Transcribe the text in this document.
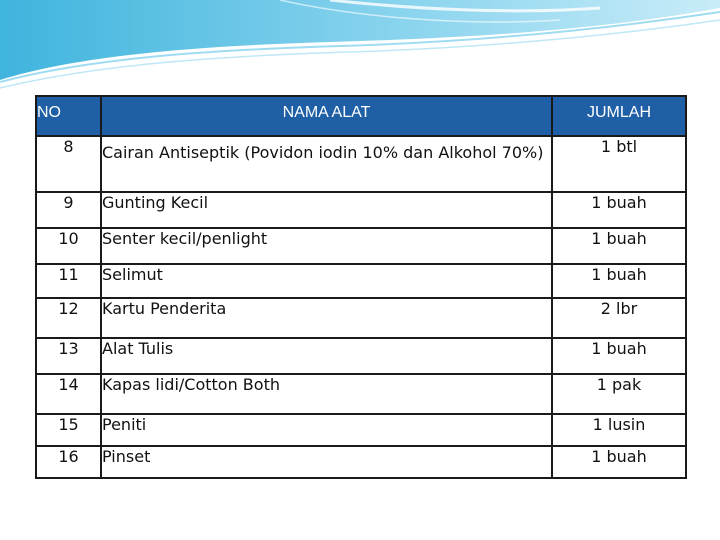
NO	NAMA ALAT	JUMLAH
8	Cairan Antiseptik (Povidon iodin 10% dan Alkohol 70%)	1 btl
9	Gunting Kecil	1 buah
10	Senter kecil/penlight	1 buah
11	Selimut	1 buah
12	Kartu Penderita	2 lbr
13	Alat Tulis	1 buah
14	Kapas lidi/Cotton Both	1 pak
15	Peniti	1 lusin
16	Pinset	1 buah
